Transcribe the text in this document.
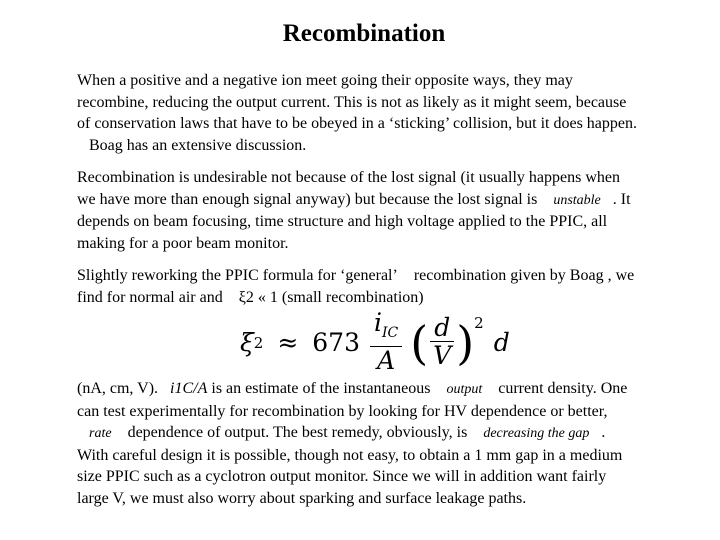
Recombination
When a positive and a negative ion meet going their opposite ways, they may recombine, reducing the output current. This is not as likely as it might seem, because of conservation laws that have to be obeyed in a ‘sticking’ collision, but it does happen. Boag has an extensive discussion.
Recombination is undesirable not because of the lost signal (it usually happens when we have more than enough signal anyway) but because the lost signal is unstable . It depends on beam focusing, time structure and high voltage applied to the PPIC, all making for a poor beam monitor.
Slightly reworking the PPIC formula for ‘general’ recombination given by Boag , we find for normal air and ξ2 « 1 (small recombination)
ξ $2 \approx 673 \frac{i_{IC}}{A}$ ( $\frac{d}{V} )^2$
d
(nA, cm, V). i1C/A is an estimate of the instantaneous output current density. One can test experimentally for recombination by looking for HV dependence or better, rate dependence of output. The best remedy, obviously, is decreasing the gap . With careful design it is possible, though not easy, to obtain a 1 mm gap in a medium size PPIC such as a cyclotron output monitor. Since we will in addition want fairly large V, we must also worry about sparking and surface leakage paths.
